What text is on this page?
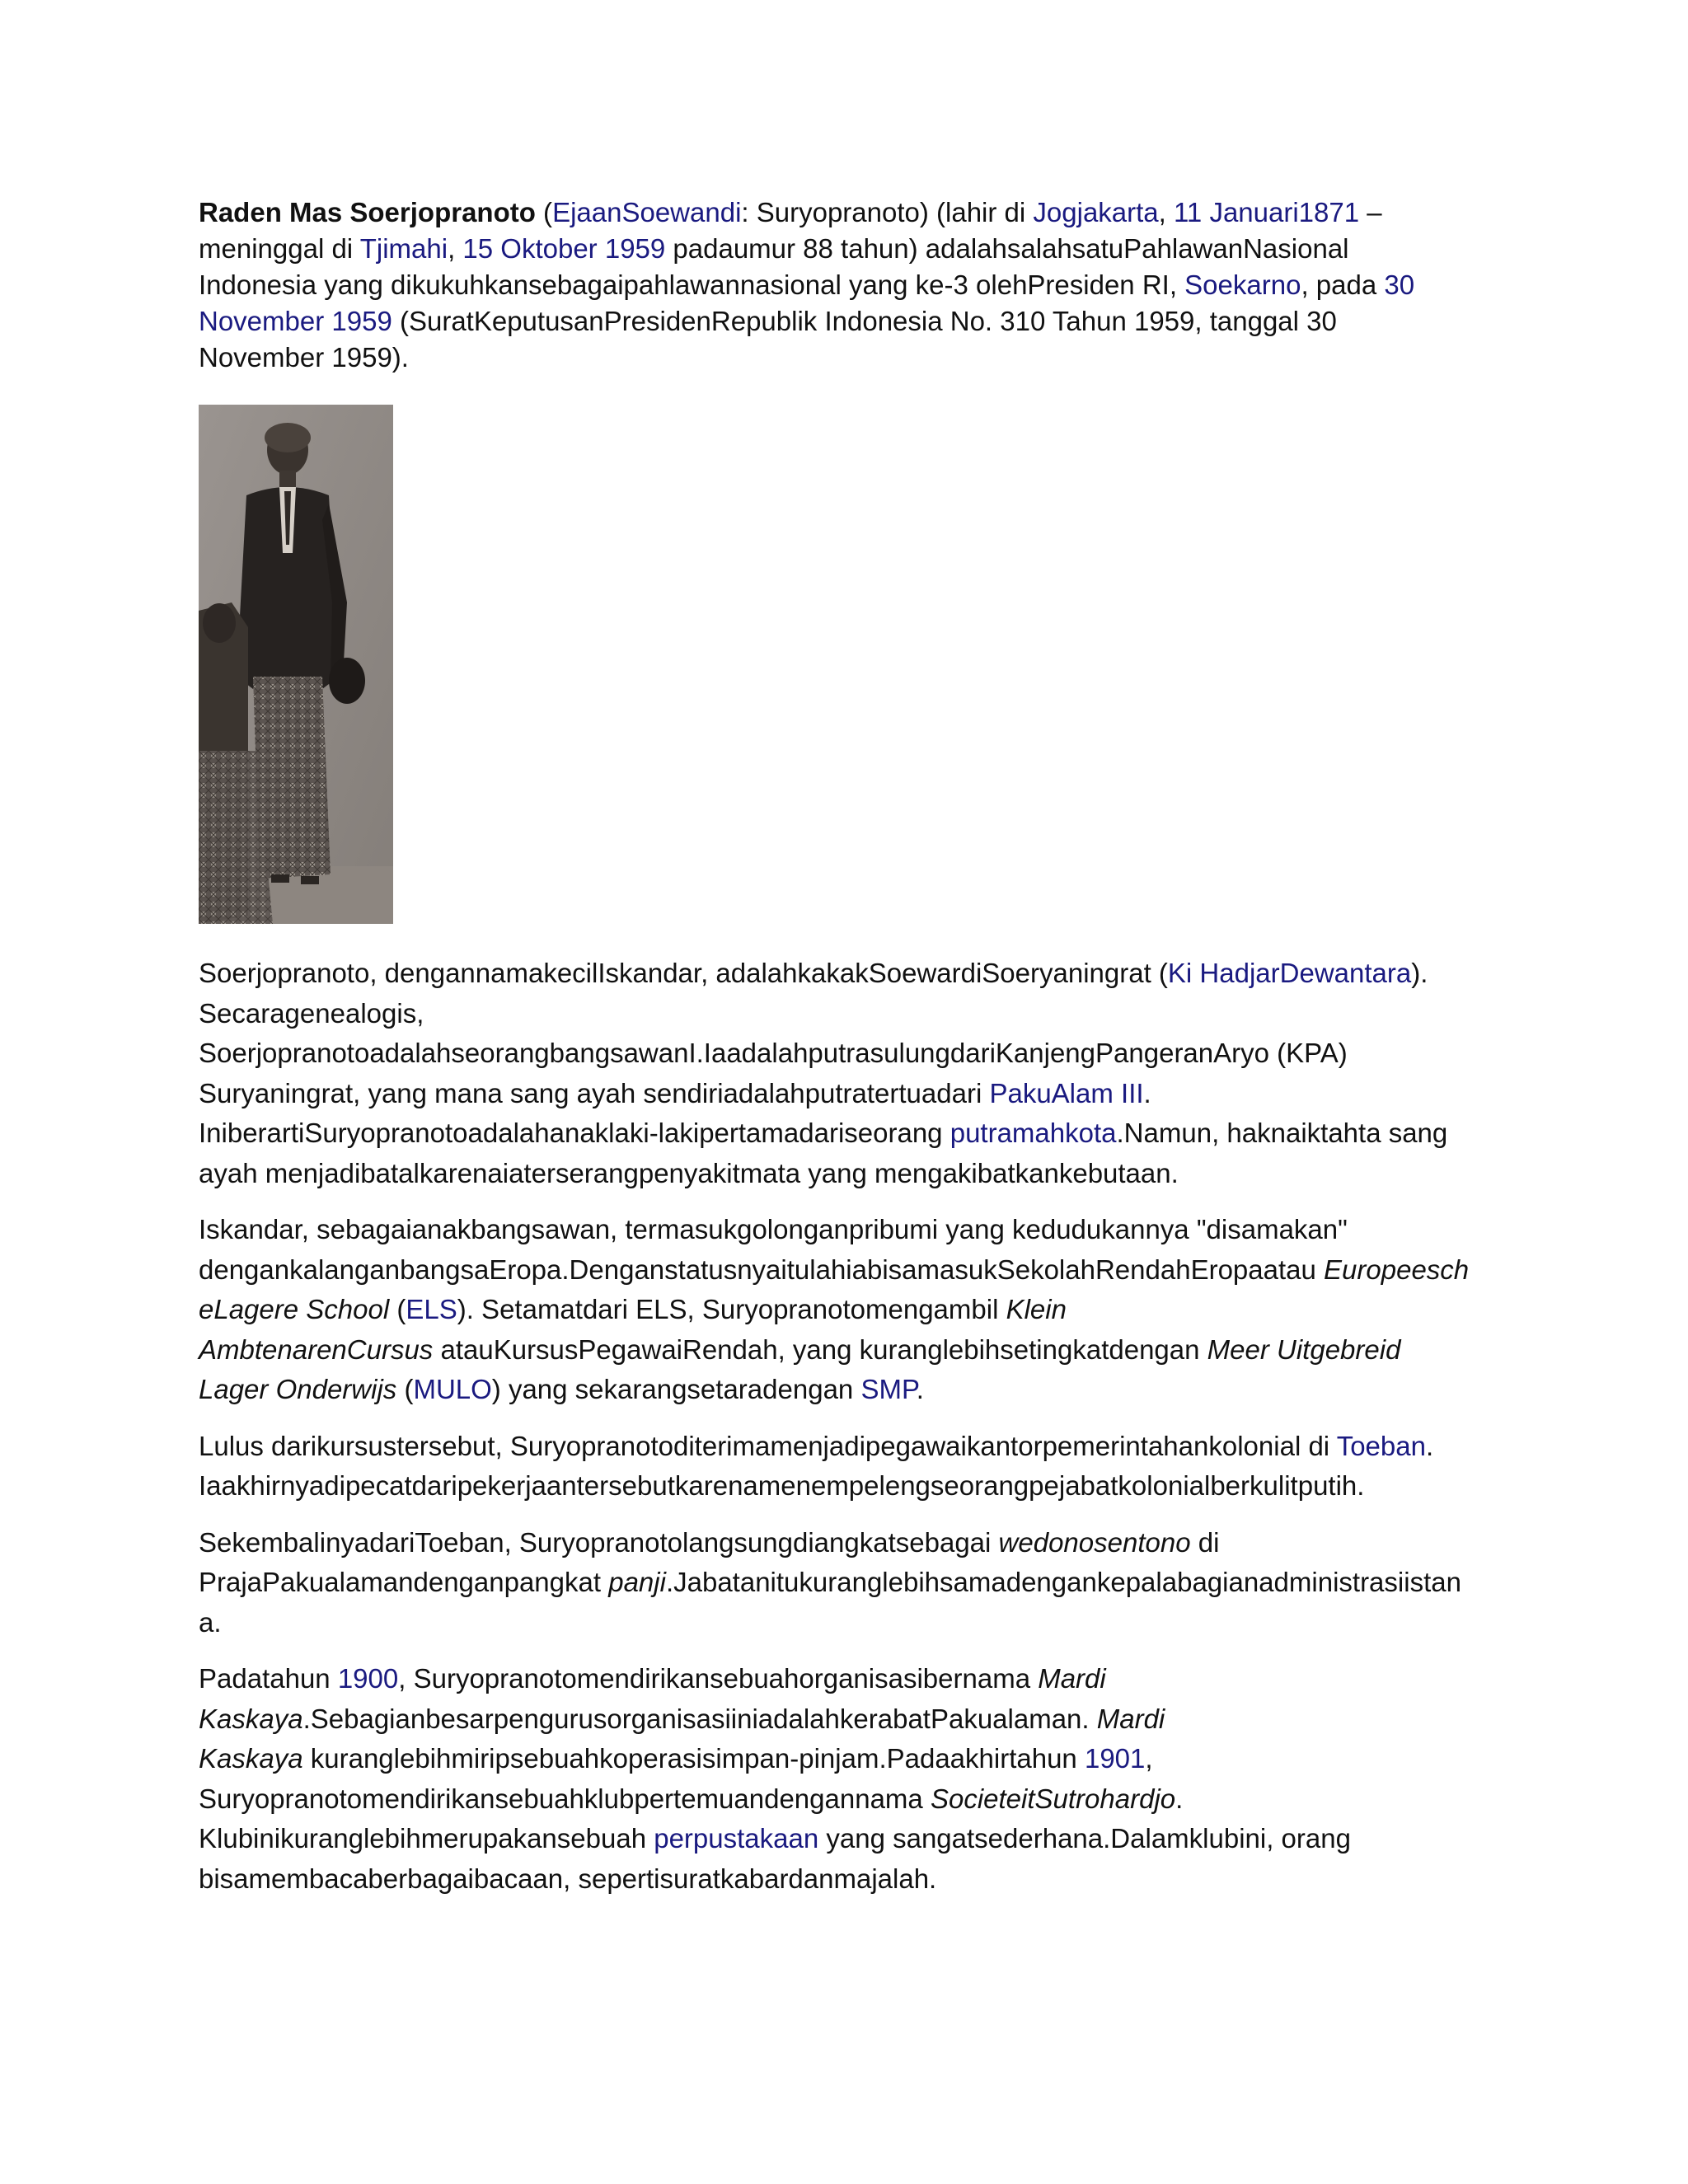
Raden Mas Soerjopranoto (EjaanSoewandi: Suryopranoto) (lahir di Jogjakarta, 11 Januari1871 –
meninggal di Tjimahi, 15 Oktober 1959 padaumur 88 tahun) adalahsalahsatuPahlawanNasional
Indonesia yang dikukuhkansebagaipahlawannasional yang ke-3 olehPresiden RI, Soekarno, pada 30
November 1959 (SuratKeputusanPresidenRepublik Indonesia No. 310 Tahun 1959, tanggal 30
November 1959).

Soerjopranoto, dengannamakecilIskandar, adalahkakakSoewardiSoeryaningrat (Ki HadjarDewantara).
Secaragenealogis,
SoerjopranotoadalahseorangbangsawanI.IaadalahputrasulungdariKanjengPangeranAryo (KPA)
Suryaningrat, yang mana sang ayah sendiriadalahputratertuadari PakuAlam III.
IniberartiSuryopranotoadalahanaklaki-lakipertamadariseorang putramahkota.Namun, haknaiktahta sang
ayah menjadibatalkarenaiaterserangpenyakitmata yang mengakibatkankebutaan.

Iskandar, sebagaianakbangsawan, termasukgolonganpribumi yang kedudukannya "disamakan"
dengankalanganbangsaEropa.DenganstatusnyaitulahiabisamasukSekolahRendahEropaatau Europeesch
eLagere School (ELS). Setamatdari ELS, Suryopranotomengambil Klein
AmbtenarenCursus atauKursusPegawaiRendah, yang kuranglebihsetingkatdengan Meer Uitgebreid
Lager Onderwijs (MULO) yang sekarangsetaradengan SMP.

Lulus darikursustersebut, Suryopranotoditerimamenjadipegawaikantorpemerintahankolonial di Toeban.
Iaakhirnyadipecatdaripekerjaantersebutkarenamenempelengseorangpejabatkolonialberkulitputih.

SekembalinyadariToeban, Suryopranotolangsungdiangkatsebagai wedonosentono di
PrajaPakualamandenganpangkat panji.Jabatanitukuranglebihsamadengankepalabagianadministrasiistan
a.

Padatahun 1900, Suryopranotomendirikansebuahorganisasibernama Mardi
Kaskaya.SebagianbesarpengurusorganisasiiniadalahkerabatPakualaman. Mardi
Kaskaya kuranglebihmiripsebuahkoperasisimpan-pinjam.Padaakhirtahun 1901,
Suryopranotomendirikansebuahklubpertemuandengannama SocieteitSutrohardjo.
Klubinikuranglebihmerupakansebuah perpustakaan yang sangatsederhana.Dalamklubini, orang
bisamembacaberbagaibacaan, sepertisuratkabardanmajalah.
